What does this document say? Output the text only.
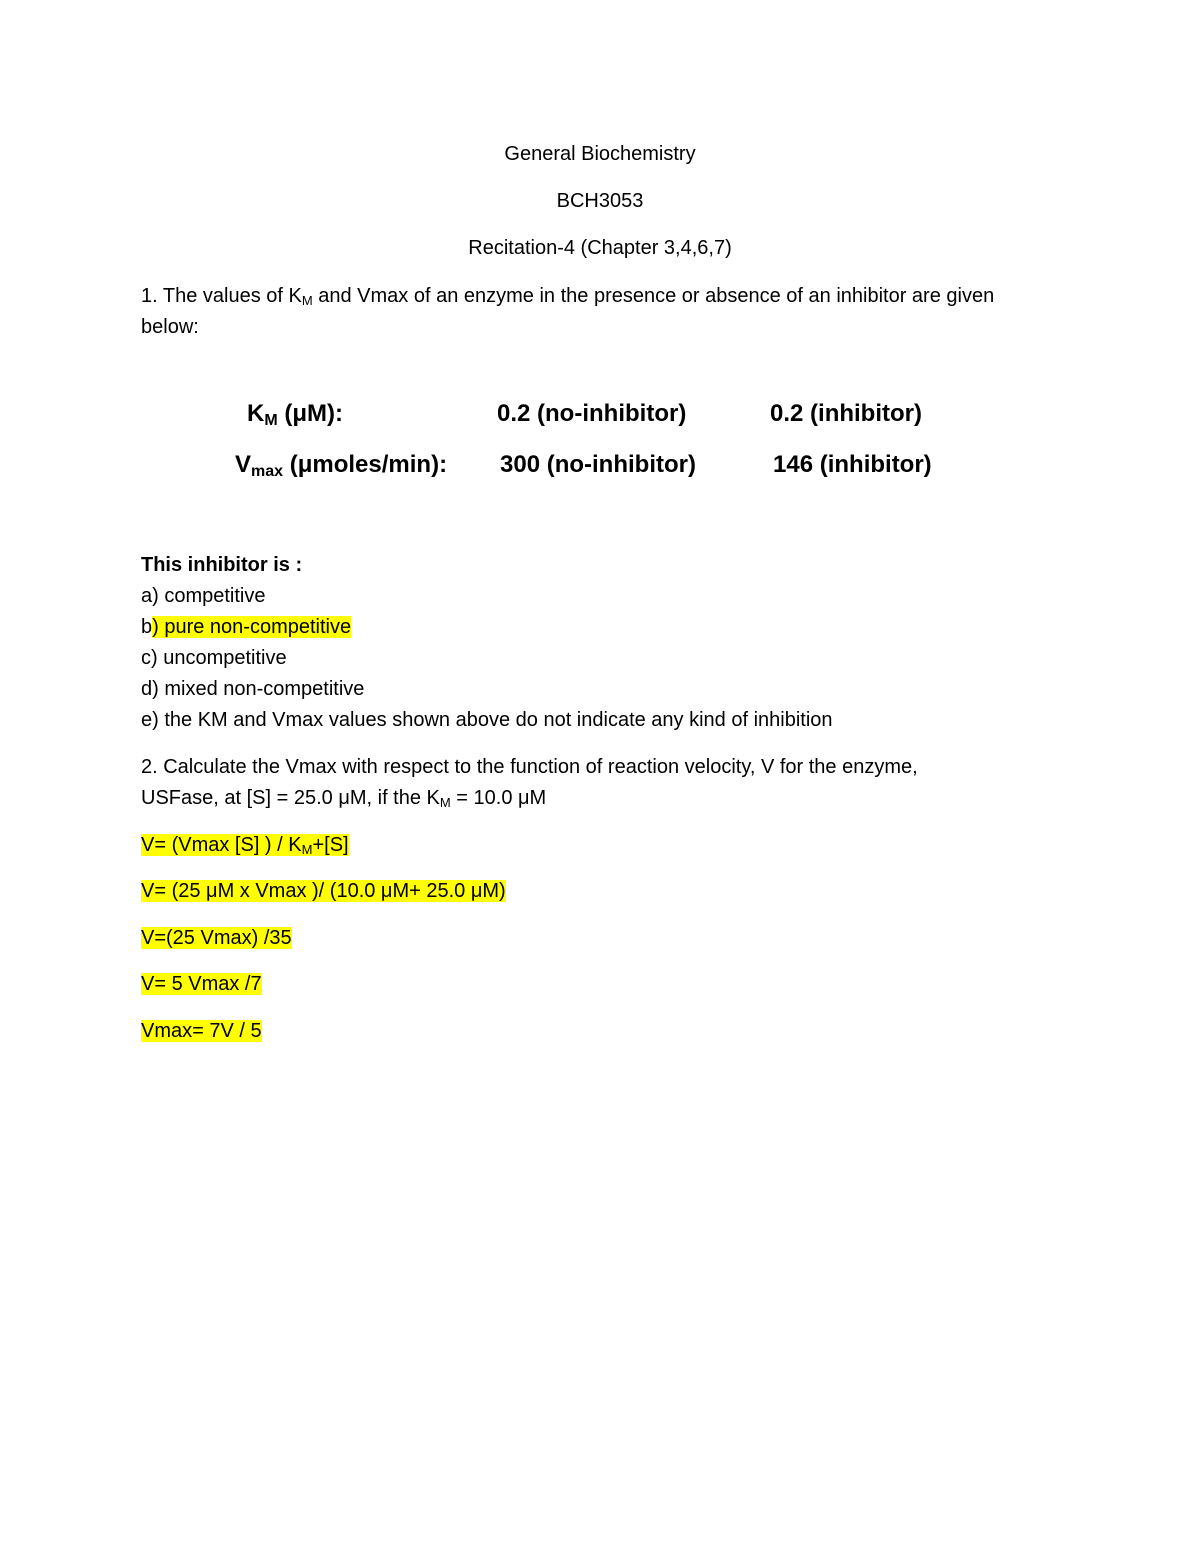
General Biochemistry
BCH3053
Recitation-4 (Chapter 3,4,6,7)
1. The values of KM and Vmax of an enzyme in the presence or absence of an inhibitor are given
below:
KM (μM):	0.2 (no-inhibitor)	0.2 (inhibitor)
Vmax (μmoles/min): 300 (no-inhibitor)	146 (inhibitor)
This inhibitor is :
a) competitive
b) pure non-competitive
c) uncompetitive
d) mixed non-competitive
e) the KM and Vmax values shown above do not indicate any kind of inhibition
2. Calculate the Vmax with respect to the function of reaction velocity, V for the enzyme,
USFase, at [S] = 25.0 μM, if the KM = 10.0 μM
V= (Vmax [S] ) / KM+[S]
V= (25 μM x Vmax )/ (10.0 μM+ 25.0 μM)
V=(25 Vmax) /35
V= 5 Vmax /7
Vmax= 7V / 5
